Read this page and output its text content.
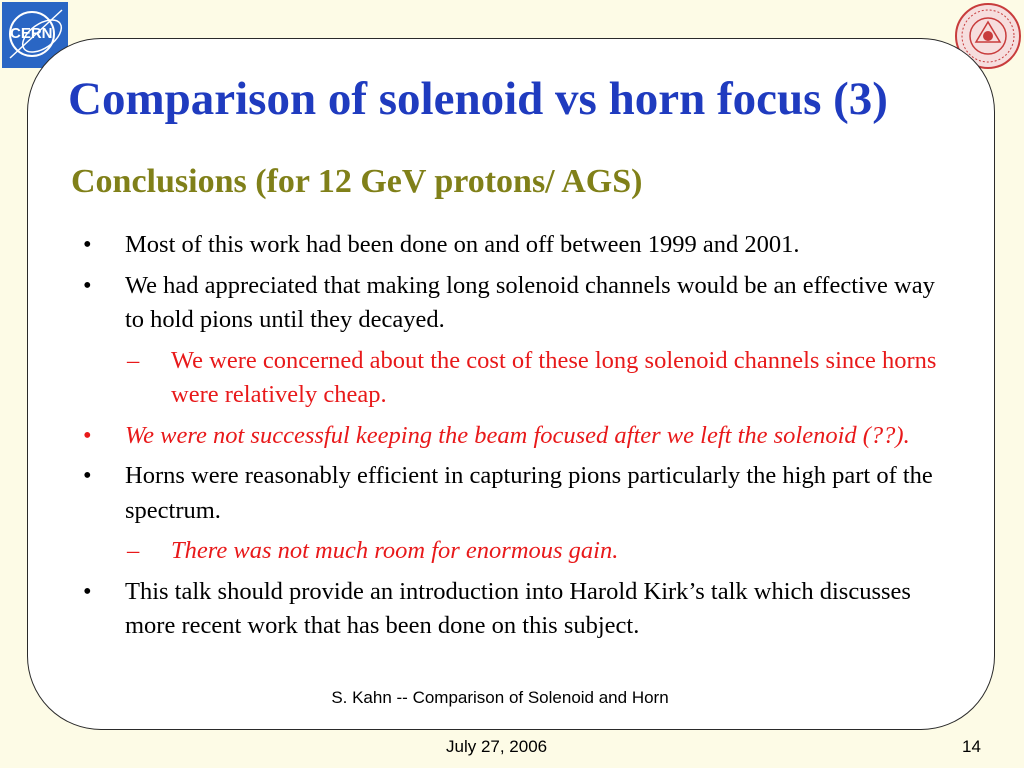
CERN
Comparison of solenoid vs horn focus (3)
Conclusions (for 12 GeV protons/ AGS)
•	Most of this work had been done on and off between 1999 and 2001.
•	We had appreciated that making long solenoid channels would be an effective way to hold pions until they decayed.
–	We were concerned about the cost of these long solenoid channels since horns were relatively cheap.
•	We were not successful keeping the beam focused after we left the solenoid (??).
•	Horns were reasonably efficient in capturing pions particularly the high part of the spectrum.
–	There was not much room for enormous gain.
•	This talk should provide an introduction into Harold Kirk’s talk which discusses more recent work that has been done on this subject.
S. Kahn -- Comparison of Solenoid and Horn
July 27, 2006	14
